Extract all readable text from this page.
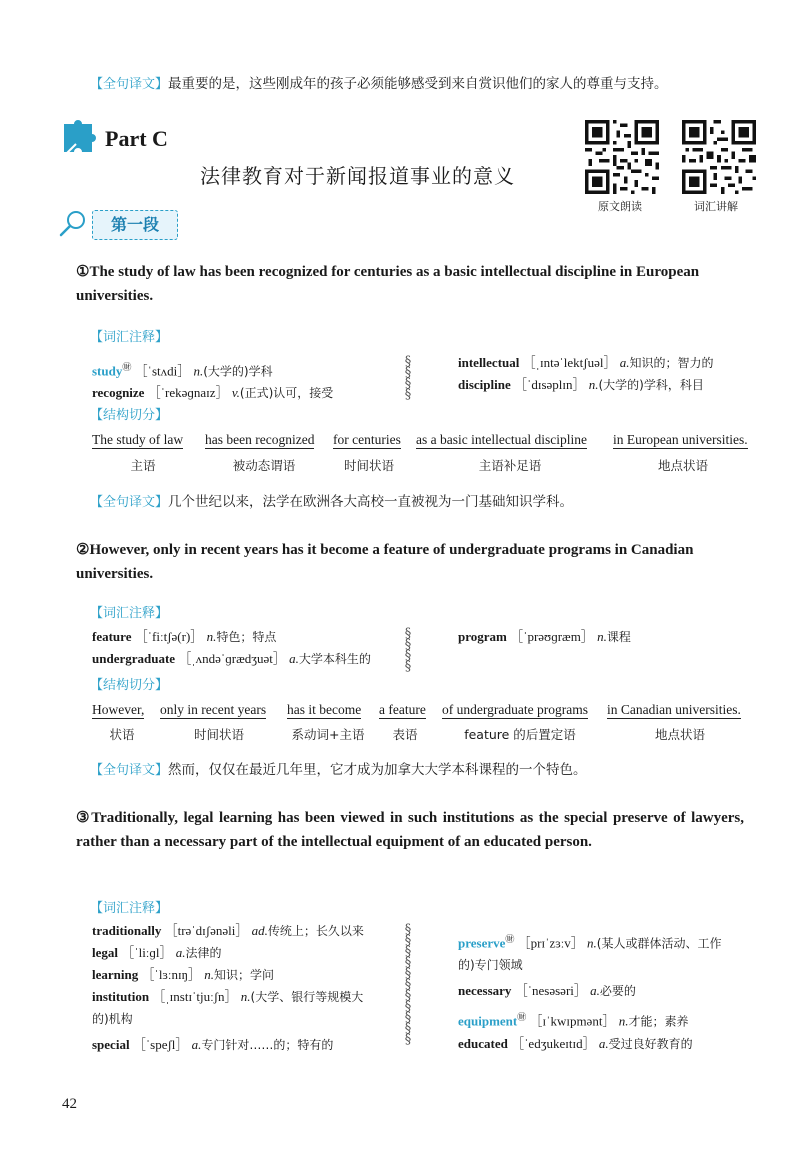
【全句译文】最重要的是，这些刚成年的孩子必须能够感受到来自赏识他们的家人的尊重与支持。
Part C
法律教育对于新闻报道事业的意义
原文朗读	词汇讲解
第一段
①The study of law has been recognized for centuries as a basic intellectual discipline in European universities.
【词汇注释】
study㊖ ［ˈstʌdi］ n.(大学的)学科
recognize ［ˈrekəɡnaɪz］ v.(正式)认可，接受
§
§
§
§
intellectual ［ˌɪntəˈlektʃuəl］ a.知识的；智力的
discipline ［ˈdɪsəplɪn］ n.(大学的)学科，科目
【结构切分】
The study of law
主语
has been recognized
被动态谓语
for centuries
时间状语
as a basic intellectual discipline
主语补足语
in European universities.
地点状语
【全句译文】几个世纪以来，法学在欧洲各大高校一直被视为一门基础知识学科。
②However, only in recent years has it become a feature of undergraduate programs in Canadian universities.
【词汇注释】
feature ［ˈfiːtʃə(r)］ n.特色；特点
undergraduate ［ˌʌndəˈɡrædʒuət］ a.大学本科生的
§
§
§
§
program ［ˈprəʊɡræm］ n.课程
【结构切分】
However,
状语
only in recent years
时间状语
has it become
系动词+主语
a feature
表语
of undergraduate programs
feature 的后置定语
in Canadian universities.
地点状语
【全句译文】然而，仅仅在最近几年里，它才成为加拿大大学本科课程的一个特色。
③Traditionally, legal learning has been viewed in such institutions as the special preserve of lawyers, rather than a necessary part of the intellectual equipment of an educated person.
【词汇注释】
traditionally ［trəˈdɪʃənəli］ ad.传统上；长久以来
legal ［ˈliːɡl］ a.法律的
learning ［ˈlɜːnɪŋ］ n.知识；学问
institution ［ˌɪnstɪˈtjuːʃn］ n.(大学、银行等规模大
的)机构
special ［ˈspeʃl］ a.专门针对……的；特有的
§
§
§
§
§
§
§
§
§
§
§
preserve㊖ ［prɪˈzɜːv］ n.(某人或群体活动、工作
的)专门领域
necessary ［ˈnesəsəri］ a.必要的
equipment㊖ ［ɪˈkwɪpmənt］ n.才能；素养
educated ［ˈedʒukeɪtɪd］ a.受过良好教育的
42
